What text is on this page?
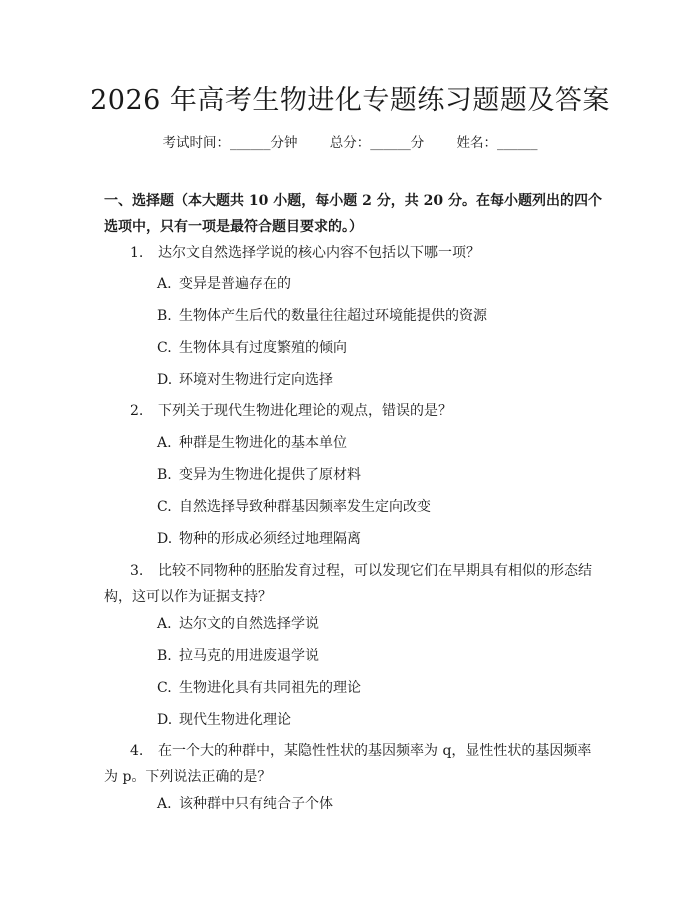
2026 年高考生物进化专题练习题题及答案
考试时间：______分钟 总分：______分 姓名：______
一、选择题（本大题共 10 小题，每小题 2 分，共 20 分。在每小题列出的四个选项中，只有一项是最符合题目要求的。）
1. 达尔文自然选择学说的核心内容不包括以下哪一项？
A. 变异是普遍存在的
B. 生物体产生后代的数量往往超过环境能提供的资源
C. 生物体具有过度繁殖的倾向
D. 环境对生物进行定向选择
2. 下列关于现代生物进化理论的观点，错误的是？
A. 种群是生物进化的基本单位
B. 变异为生物进化提供了原材料
C. 自然选择导致种群基因频率发生定向改变
D. 物种的形成必须经过地理隔离
3. 比较不同物种的胚胎发育过程，可以发现它们在早期具有相似的形态结构，这可以作为证据支持？
A. 达尔文的自然选择学说
B. 拉马克的用进废退学说
C. 生物进化具有共同祖先的理论
D. 现代生物进化理论
4. 在一个大的种群中，某隐性性状的基因频率为 q，显性性状的基因频率为 p。下列说法正确的是？
A. 该种群中只有纯合子个体
